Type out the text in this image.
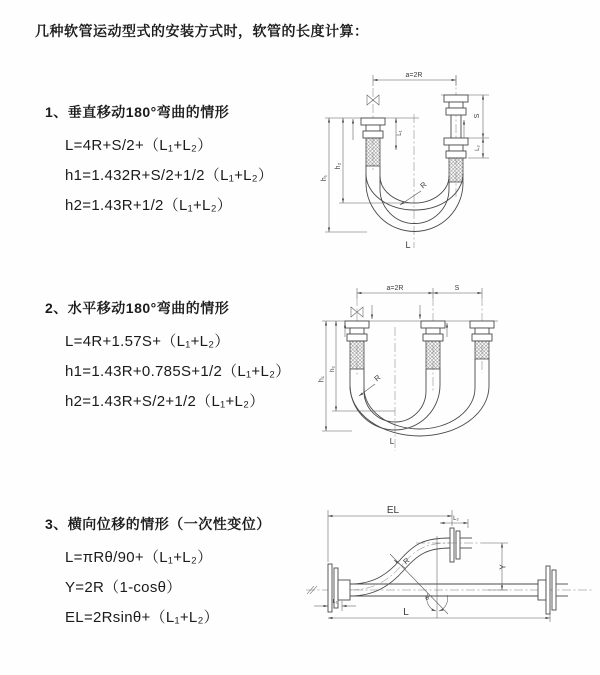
几种软管运动型式的安装方式时，软管的长度计算：
1、垂直移动180°弯曲的情形
L=4R+S/2+（L₁+L₂）
h1=1.432R+S/2+1/2（L₁+L₂）
h2=1.43R+1/2（L₁+L₂）
2、水平移动180°弯曲的情形
L=4R+1.57S+（L₁+L₂）
h1=1.43R+0.785S+1/2（L₁+L₂）
h2=1.43R+S/2+1/2（L₁+L₂）
3、横向位移的情形（一次性变位）
L=πRθ/90+（L₁+L₂）
Y=2R（1-cosθ）
EL=2Rsinθ+（L₁+L₂）
a=2R
h₁
h₂
L₁
S
L₂
R
L
a=2R	S
h₁
h₂
R
L
EL
L₂
Y
θ
R
L
L₁
